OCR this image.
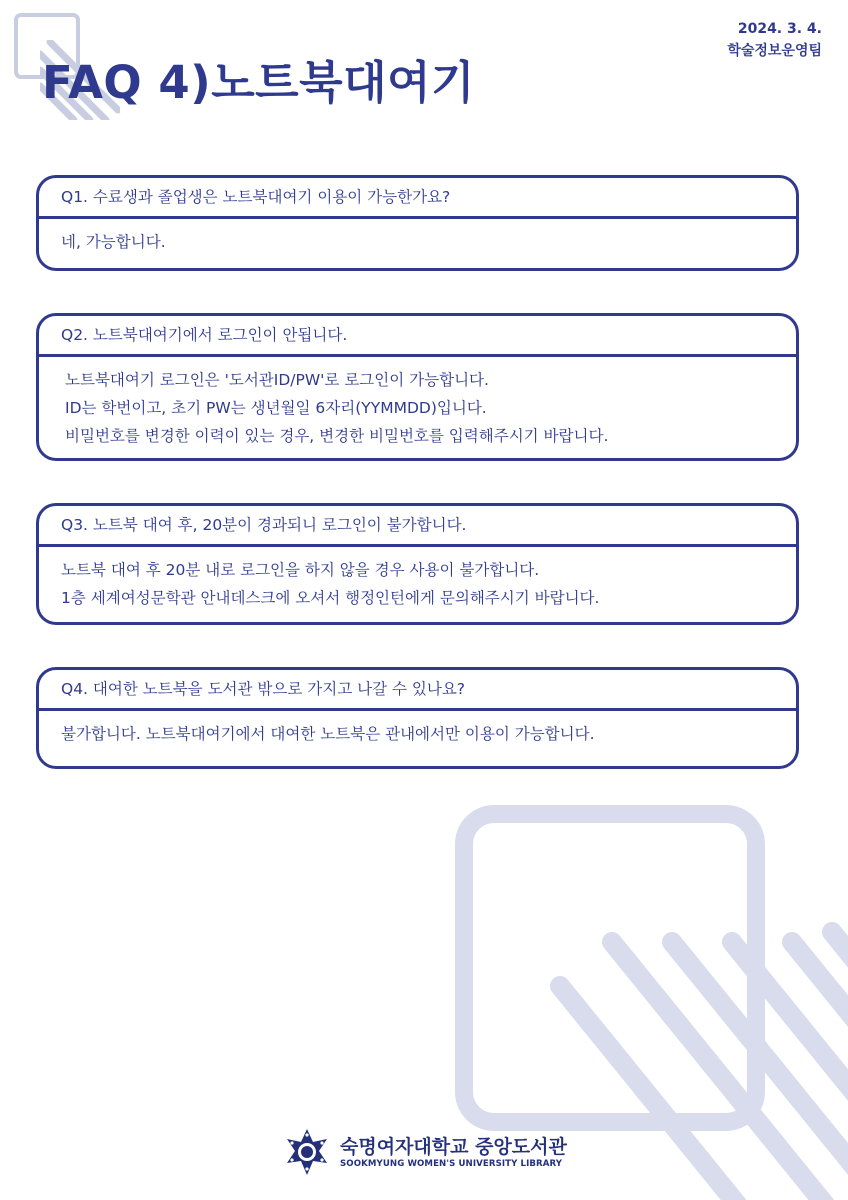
FAQ 4)노트북대여기
2024. 3. 4.
학술정보운영팀
Q1. 수료생과 졸업생은 노트북대여기 이용이 가능한가요?
네, 가능합니다.
Q2. 노트북대여기에서 로그인이 안됩니다.
노트북대여기 로그인은 '도서관ID/PW'로 로그인이 가능합니다.
ID는 학번이고, 초기 PW는 생년월일 6자리(YYMMDD)입니다.
비밀번호를 변경한 이력이 있는 경우, 변경한 비밀번호를 입력해주시기 바랍니다.
Q3. 노트북 대여 후, 20분이 경과되니 로그인이 불가합니다.
노트북 대여 후 20분 내로 로그인을 하지 않을 경우 사용이 불가합니다.
1층 세계여성문학관 안내데스크에 오셔서 행정인턴에게 문의해주시기 바랍니다.
Q4. 대여한 노트북을 도서관 밖으로 가지고 나갈 수 있나요?
불가합니다. 노트북대여기에서 대여한 노트북은 관내에서만 이용이 가능합니다.
숙명여자대학교 중앙도서관
SOOKMYUNG WOMEN'S UNIVERSITY LIBRARY
